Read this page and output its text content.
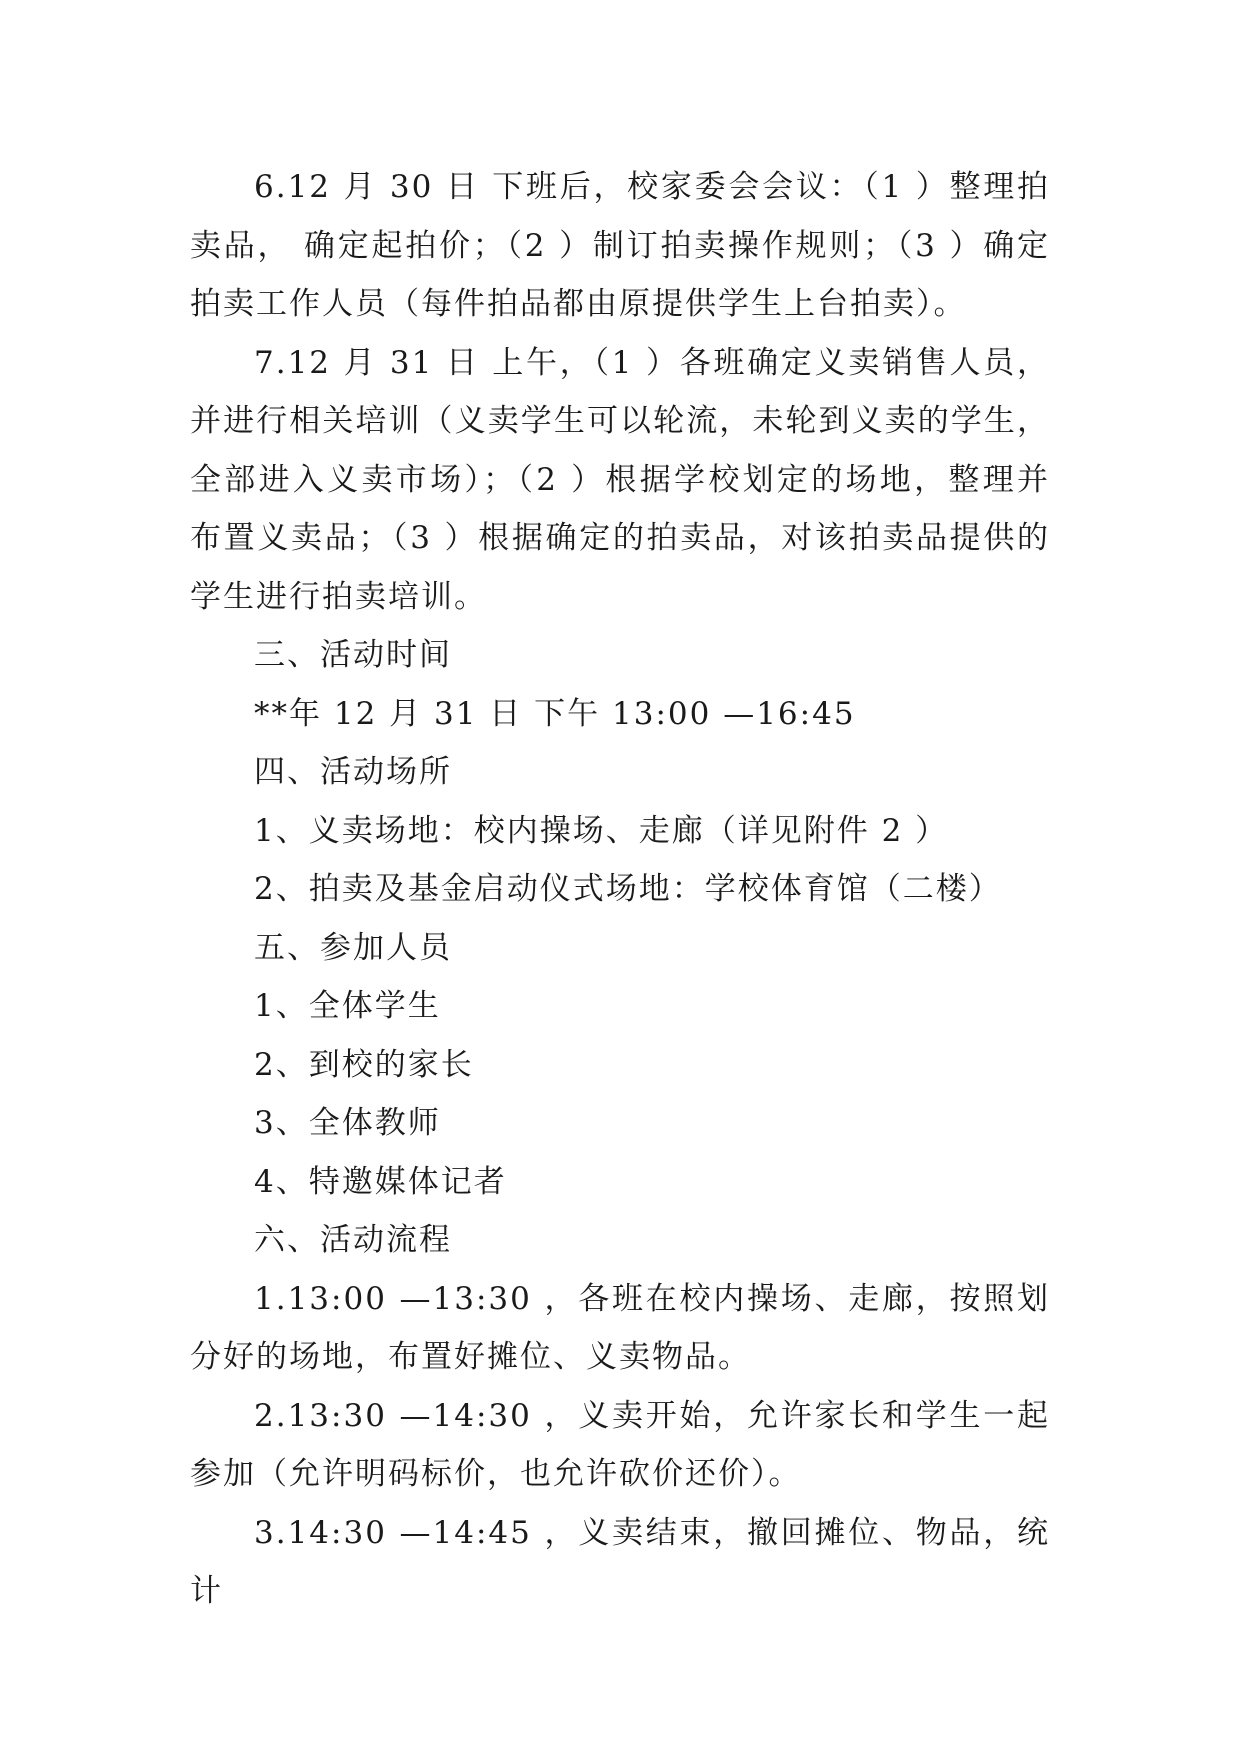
6.12 月 30 日 下班后，校家委会会议：（1 ）整理拍卖品， 确定起拍价；（2 ）制订拍卖操作规则；（3 ）确定拍卖工作人员（每件拍品都由原提供学生上台拍卖）。

7.12 月 31 日 上午，（1 ）各班确定义卖销售人员，并进行相关培训（义卖学生可以轮流，未轮到义卖的学生，全部进入义卖市场）；（2 ）根据学校划定的场地，整理并布置义卖品；（3 ）根据确定的拍卖品，对该拍卖品提供的学生进行拍卖培训。

三、活动时间

**年 12 月 31 日 下午 13:00 —16:45

四、活动场所

1、义卖场地：校内操场、走廊（详见附件 2 ）

2、拍卖及基金启动仪式场地：学校体育馆（二楼）

五、参加人员

1、全体学生

2、到校的家长

3、全体教师

4、特邀媒体记者

六、活动流程

1.13:00 —13:30 ，各班在校内操场、走廊，按照划分好的场地，布置好摊位、义卖物品。

2.13:30 —14:30 ，义卖开始，允许家长和学生一起参加（允许明码标价，也允许砍价还价）。

3.14:30 —14:45 ，义卖结束，撤回摊位、物品，统计
